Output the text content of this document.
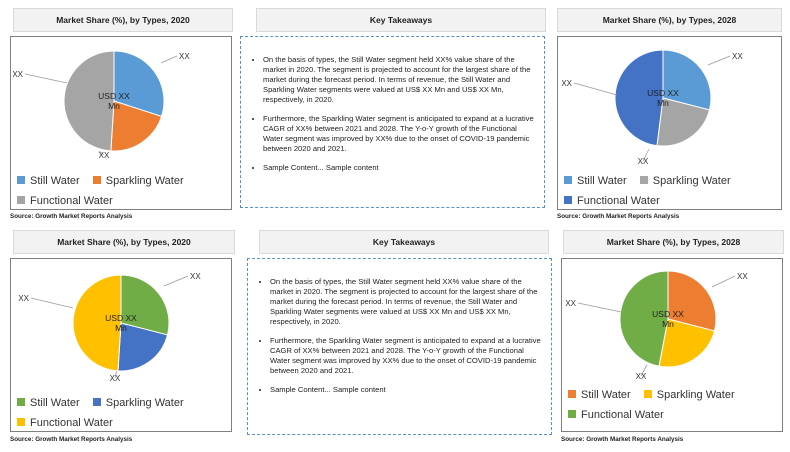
Market Share (%), by Types, 2020
XX
XX
XX
USD XX
Mn
Still Water Sparkling Water Functional Water
Source: Growth Market Reports Analysis
Key Takeaways
• On the basis of types, the Still Water segment held XX% value share of the market in 2020. The segment is projected to account for the largest share of the market during the forecast period. In terms of revenue, the Still Water and Sparkling Water segments were valued at US$ XX Mn and US$ XX Mn, respectively, in 2020.
• Furthermore, the Sparkling Water segment is anticipated to expand at a lucrative CAGR of XX% between 2021 and 2028. The Y-o-Y growth of the Functional Water segment was improved by XX% due to the onset of COVID-19 pandemic between 2020 and 2021.
• Sample Content... Sample content
Market Share (%), by Types, 2028
XX
XX
XX
USD XX
Mn
Still Water Sparkling Water Functional Water
Source: Growth Market Reports Analysis
Market Share (%), by Types, 2020
XX
XX
XX
USD XX
Mn
Still Water Sparkling Water Functional Water
Source: Growth Market Reports Analysis
Key Takeaways
• On the basis of types, the Still Water segment held XX% value share of the market in 2020. The segment is projected to account for the largest share of the market during the forecast period. In terms of revenue, the Still Water and Sparkling Water segments were valued at US$ XX Mn and US$ XX Mn, respectively, in 2020.
• Furthermore, the Sparkling Water segment is anticipated to expand at a lucrative CAGR of XX% between 2021 and 2028. The Y-o-Y growth of the Functional Water segment was improved by XX% due to the onset of COVID-19 pandemic between 2020 and 2021.
• Sample Content... Sample content
Market Share (%), by Types, 2028
XX
XX
XX
USD XX
Mn
Still Water Sparkling Water Functional Water
Source: Growth Market Reports Analysis
